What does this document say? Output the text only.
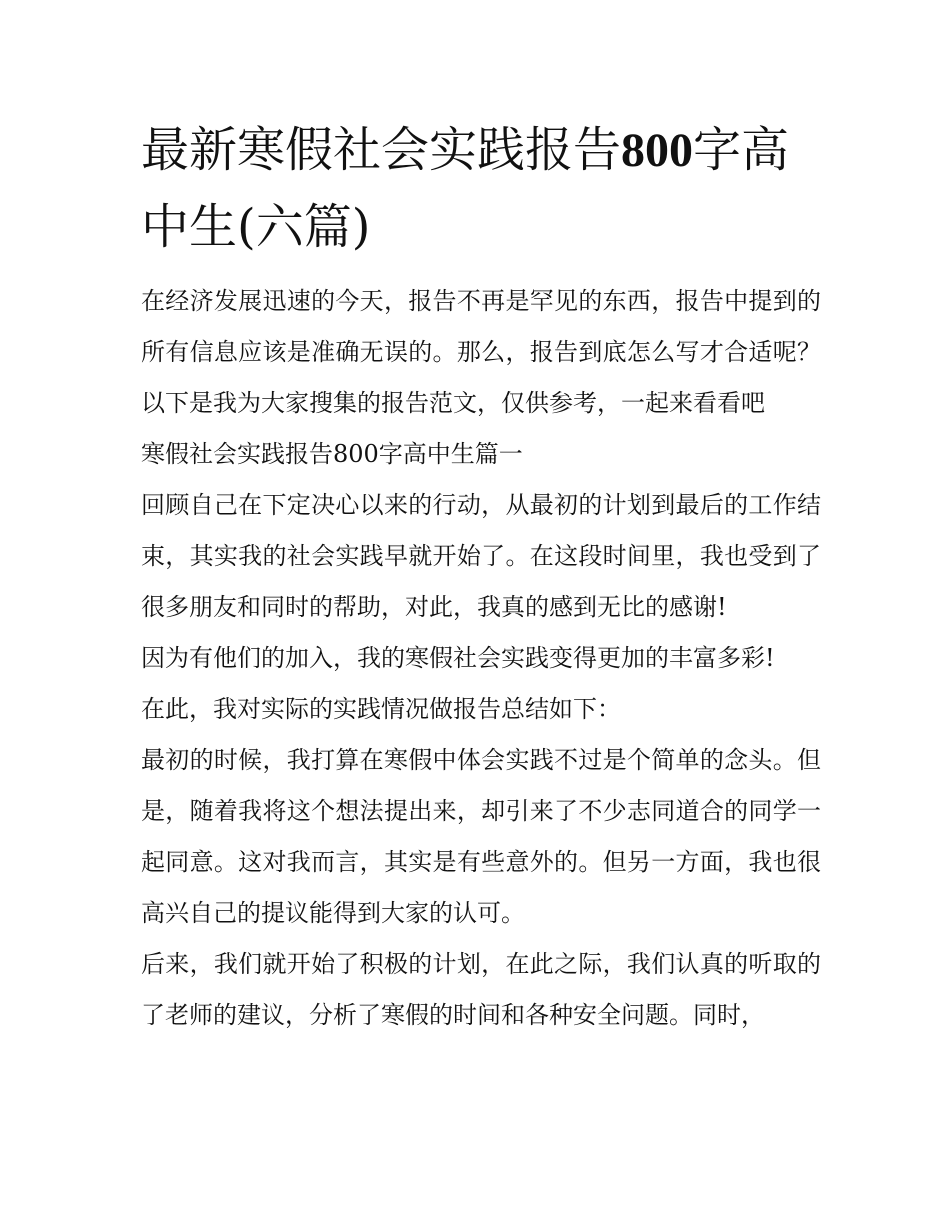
最新寒假社会实践报告800字高中生(六篇)

在经济发展迅速的今天，报告不再是罕见的东西，报告中提到的所有信息应该是准确无误的。那么，报告到底怎么写才合适呢？以下是我为大家搜集的报告范文，仅供参考，一起来看看吧

寒假社会实践报告800字高中生篇一

回顾自己在下定决心以来的行动，从最初的计划到最后的工作结束，其实我的社会实践早就开始了。在这段时间里，我也受到了很多朋友和同时的帮助，对此，我真的感到无比的感谢!

因为有他们的加入，我的寒假社会实践变得更加的丰富多彩!

在此，我对实际的实践情况做报告总结如下：

最初的时候，我打算在寒假中体会实践不过是个简单的念头。但是，随着我将这个想法提出来，却引来了不少志同道合的同学一起同意。这对我而言，其实是有些意外的。但另一方面，我也很高兴自己的提议能得到大家的认可。

后来，我们就开始了积极的计划，在此之际，我们认真的听取的了老师的建议，分析了寒假的时间和各种安全问题。同时，
